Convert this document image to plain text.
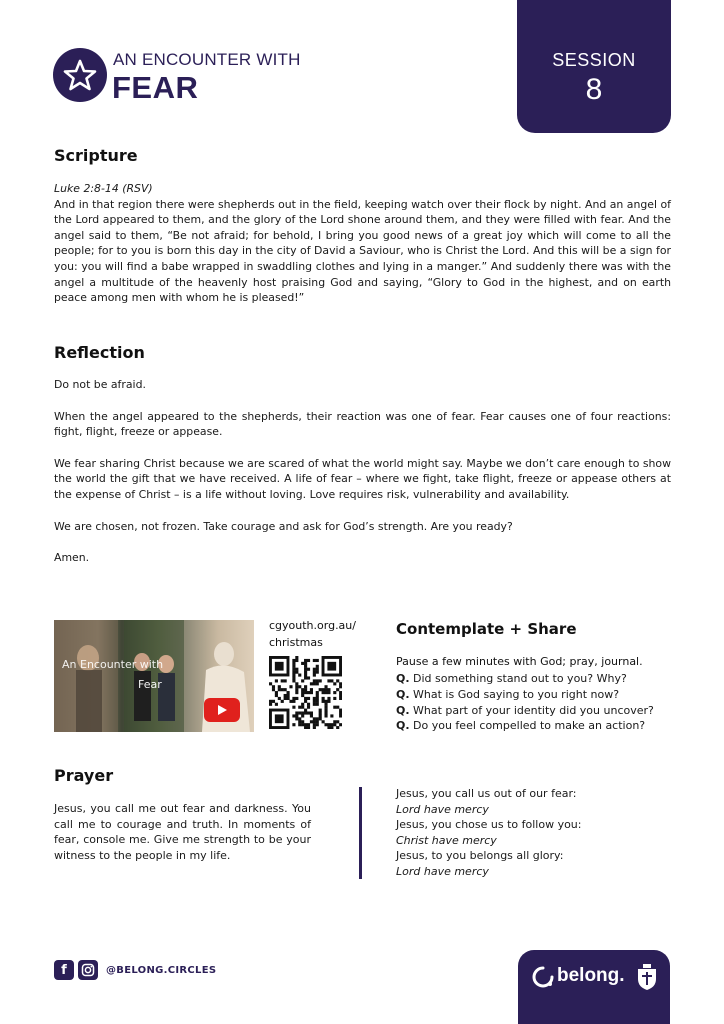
AN ENCOUNTER WITH
FEAR
SESSION
8
Scripture

Luke 2:8-14 (RSV)

And in that region there were shepherds out in the field, keeping watch over their flock by night. And an angel of the Lord appeared to them, and the glory of the Lord shone around them, and they were filled with fear. And the angel said to them, “Be not afraid; for behold, I bring you good news of a great joy which will come to all the people; for to you is born this day in the city of David a Saviour, who is Christ the Lord. And this will be a sign for you: you will find a babe wrapped in swaddling clothes and lying in a manger.” And suddenly there was with the angel a multitude of the heavenly host praising God and saying, “Glory to God in the highest, and on earth peace among men with whom he is pleased!”

Reflection

Do not be afraid.

When the angel appeared to the shepherds, their reaction was one of fear. Fear causes one of four reactions: fight, flight, freeze or appease.

We fear sharing Christ because we are scared of what the world might say. Maybe we don’t care enough to show the world the gift that we have received. A life of fear – where we fight, take flight, freeze or appease others at the expense of Christ – is a life without loving. Love requires risk, vulnerability and availability.

We are chosen, not frozen. Take courage and ask for God’s strength. Are you ready?

Amen.

An Encounter with
Fear
cgyouth.org.au/
christmas
Contemplate + Share
Pause a few minutes with God; pray, journal.
Q. Did something stand out to you? Why?
Q. What is God saying to you right now?
Q. What part of your identity did you uncover?
Q. Do you feel compelled to make an action?
Prayer
Jesus, you call me out fear and darkness. You call me to courage and truth. In moments of fear, console me. Give me strength to be your witness to the people in my life.
Jesus, you call us out of our fear:
Lord have mercy
Jesus, you chose us to follow you:
Christ have mercy
Jesus, to you belongs all glory:
Lord have mercy
f	@BELONG.CIRCLES	belong.
